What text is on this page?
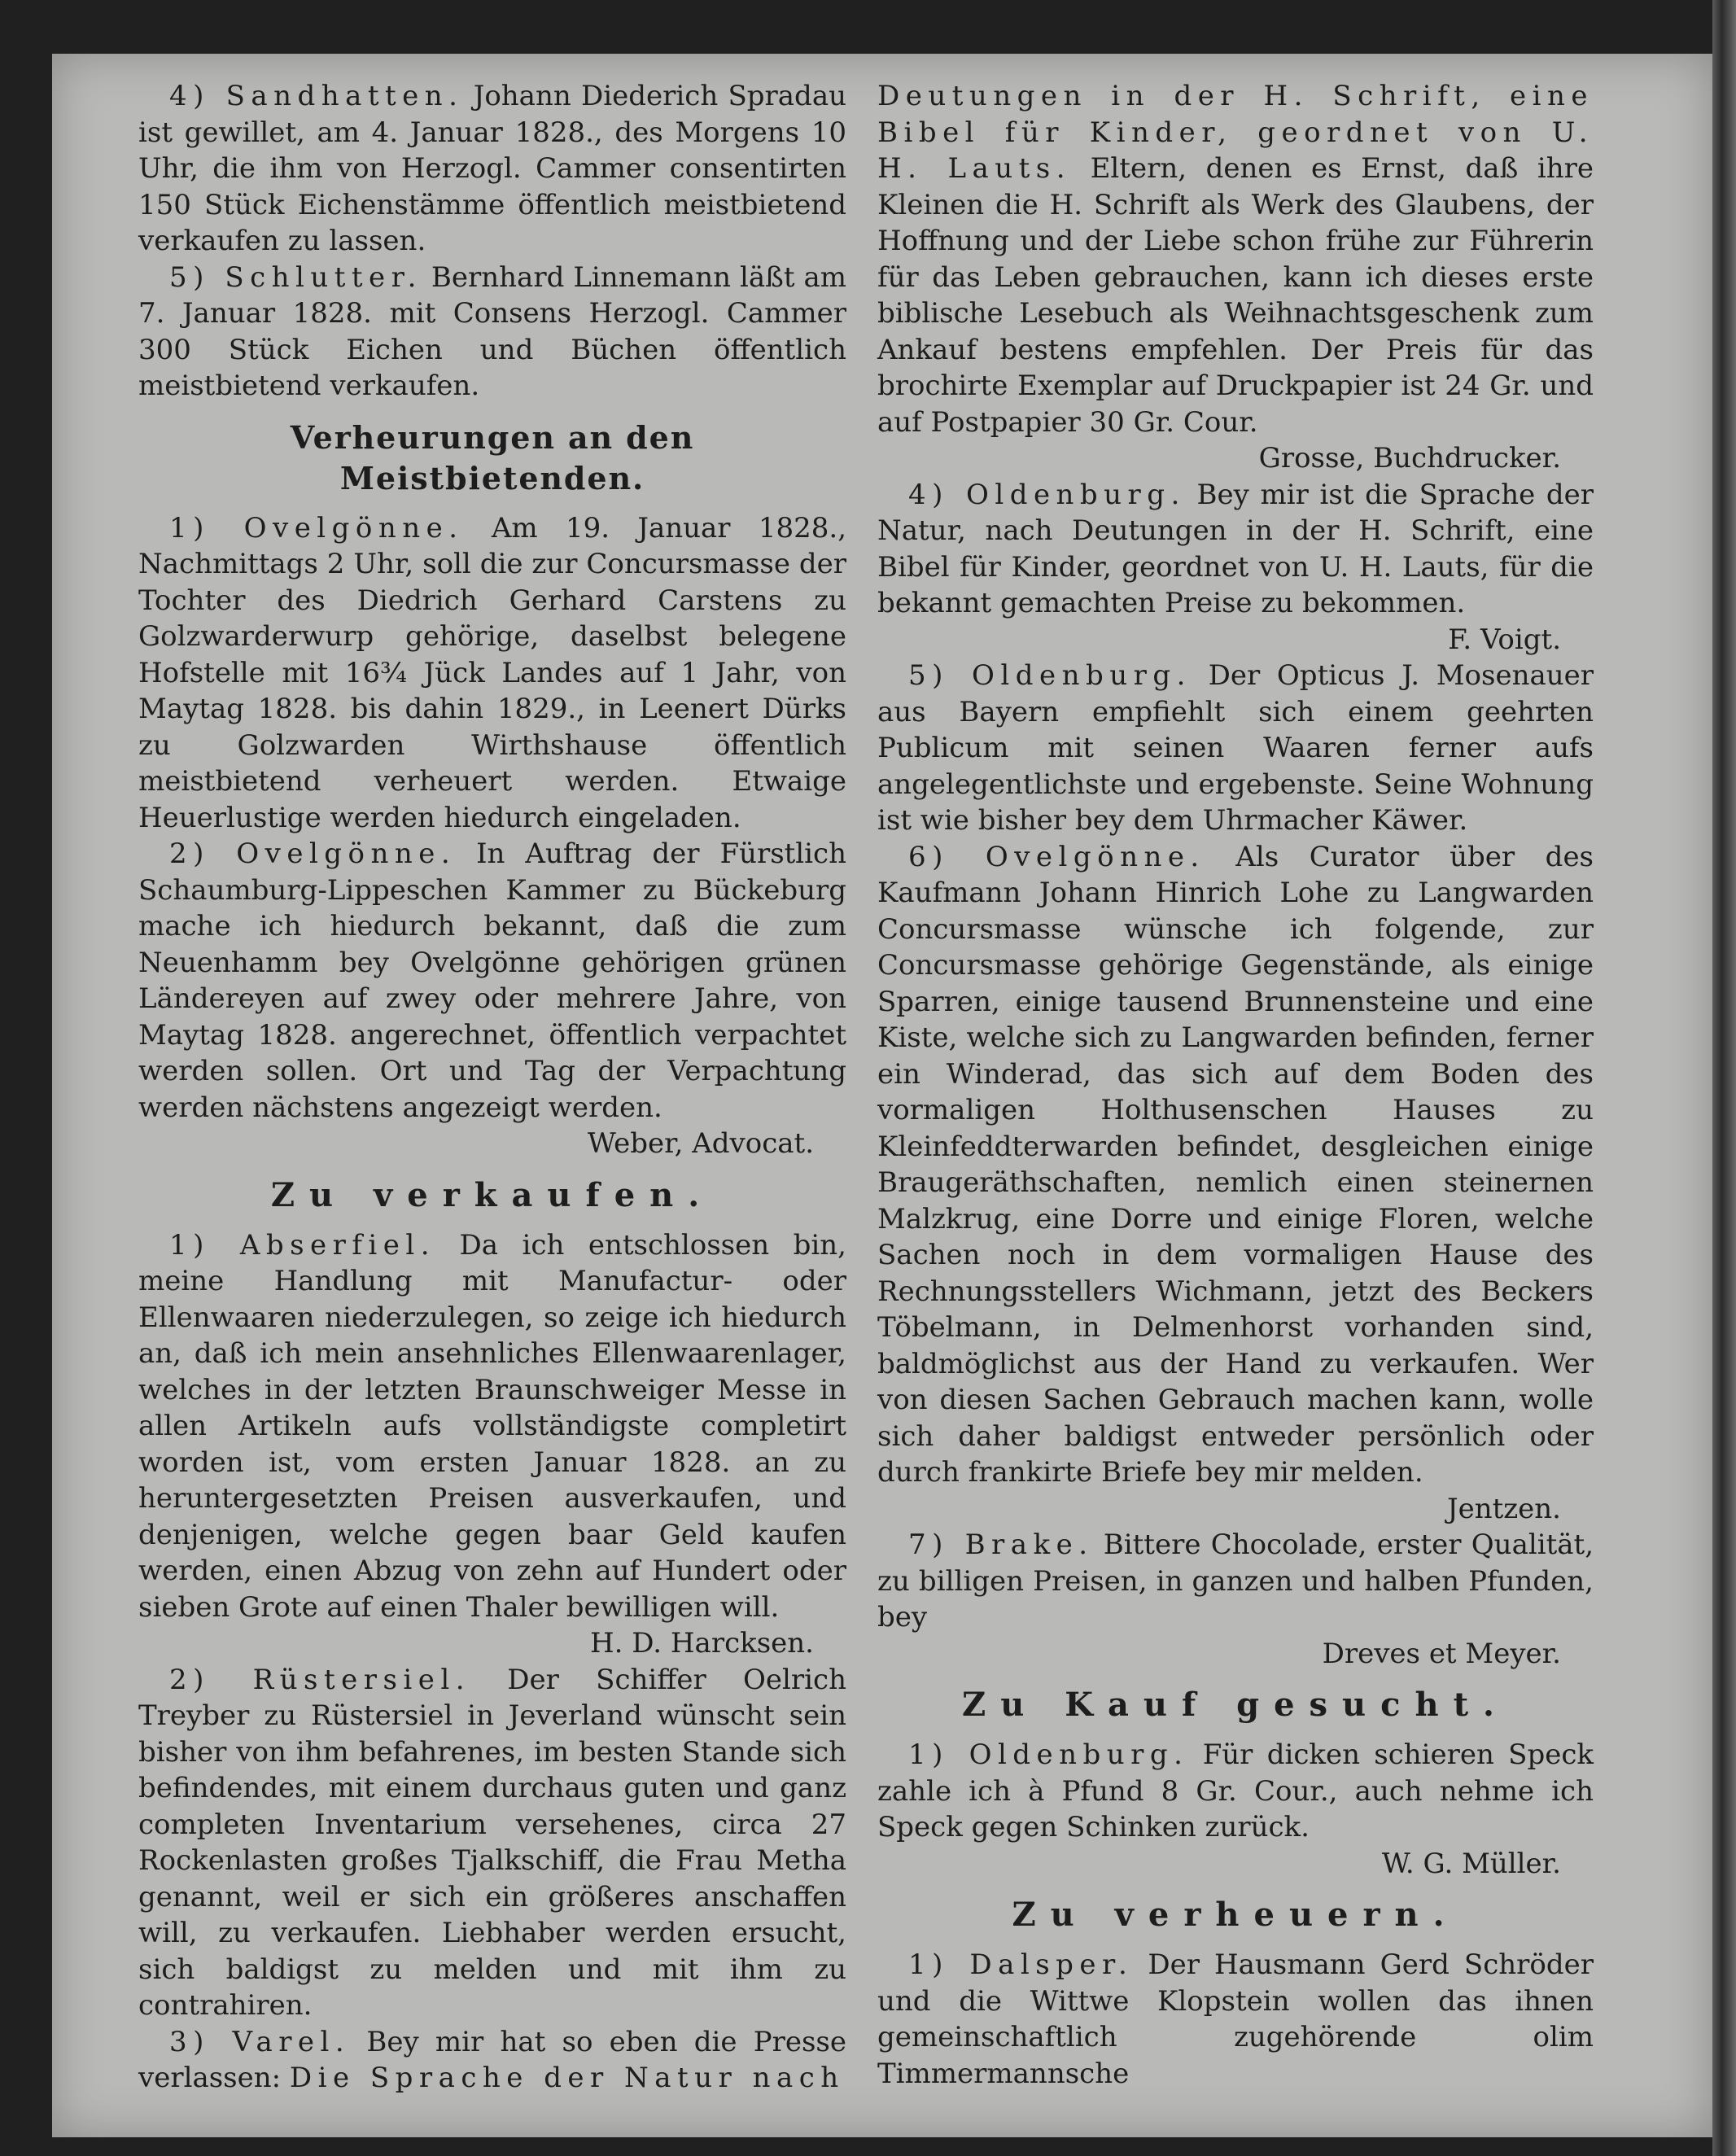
4) Sandhatten. Johann Diederich Spradau ist gewillet, am 4. Januar 1828., des Morgens 10 Uhr, die ihm von Herzogl. Cammer consentirten 150 Stück Eichenstämme öffentlich meistbietend verkaufen zu lassen.

5) Schlutter. Bernhard Linnemann läßt am 7. Januar 1828. mit Consens Herzogl. Cammer 300 Stück Eichen und Büchen öffentlich meistbietend verkaufen.

Verheurungen an den Meistbietenden.

1) Ovelgönne. Am 19. Januar 1828., Nachmittags 2 Uhr, soll die zur Concursmasse der Tochter des Diedrich Gerhard Carstens zu Golzwarderwurp gehörige, daselbst belegene Hofstelle mit 16¾ Jück Landes auf 1 Jahr, von Maytag 1828. bis dahin 1829., in Leenert Dürks zu Golzwarden Wirthshause öffentlich meistbietend verheuert werden. Etwaige Heuerlustige werden hiedurch eingeladen.

2) Ovelgönne. In Auftrag der Fürstlich Schaumburg-Lippeschen Kammer zu Bückeburg mache ich hiedurch bekannt, daß die zum Neuenhamm bey Ovelgönne gehörigen grünen Ländereyen auf zwey oder mehrere Jahre, von Maytag 1828. angerechnet, öffentlich verpachtet werden sollen. Ort und Tag der Verpachtung werden nächstens angezeigt werden.

Weber, Advocat.

Zu verkaufen.

1) Abserfiel. Da ich entschlossen bin, meine Handlung mit Manufactur- oder Ellenwaaren niederzulegen, so zeige ich hiedurch an, daß ich mein ansehnliches Ellenwaarenlager, welches in der letzten Braunschweiger Messe in allen Artikeln aufs vollständigste completirt worden ist, vom ersten Januar 1828. an zu heruntergesetzten Preisen ausverkaufen, und denjenigen, welche gegen baar Geld kaufen werden, einen Abzug von zehn auf Hundert oder sieben Grote auf einen Thaler bewilligen will.

H. D. Harcksen.

2) Rüstersiel. Der Schiffer Oelrich Treyber zu Rüstersiel in Jeverland wünscht sein bisher von ihm befahrenes, im besten Stande sich befindendes, mit einem durchaus guten und ganz completen Inventarium versehenes, circa 27 Rockenlasten großes Tjalkschiff, die Frau Metha genannt, weil er sich ein größeres anschaffen will, zu verkaufen. Liebhaber werden ersucht, sich baldigst zu melden und mit ihm zu contrahiren.

3) Varel. Bey mir hat so eben die Presse verlassen: Die Sprache der Natur nach

Deutungen in der H. Schrift, eine Bibel für Kinder, geordnet von U. H. Lauts. Eltern, denen es Ernst, daß ihre Kleinen die H. Schrift als Werk des Glaubens, der Hoffnung und der Liebe schon frühe zur Führerin für das Leben gebrauchen, kann ich dieses erste biblische Lesebuch als Weihnachtsgeschenk zum Ankauf bestens empfehlen. Der Preis für das brochirte Exemplar auf Druckpapier ist 24 Gr. und auf Postpapier 30 Gr. Cour.

Grosse, Buchdrucker.

4) Oldenburg. Bey mir ist die Sprache der Natur, nach Deutungen in der H. Schrift, eine Bibel für Kinder, geordnet von U. H. Lauts, für die bekannt gemachten Preise zu bekommen.

F. Voigt.

5) Oldenburg. Der Opticus J. Mosenauer aus Bayern empfiehlt sich einem geehrten Publicum mit seinen Waaren ferner aufs angelegentlichste und ergebenste. Seine Wohnung ist wie bisher bey dem Uhrmacher Käwer.

6) Ovelgönne. Als Curator über des Kaufmann Johann Hinrich Lohe zu Langwarden Concursmasse wünsche ich folgende, zur Concursmasse gehörige Gegenstände, als einige Sparren, einige tausend Brunnensteine und eine Kiste, welche sich zu Langwarden befinden, ferner ein Winderad, das sich auf dem Boden des vormaligen Holthusenschen Hauses zu Kleinfeddterwarden befindet, desgleichen einige Braugeräthschaften, nemlich einen steinernen Malzkrug, eine Dorre und einige Floren, welche Sachen noch in dem vormaligen Hause des Rechnungsstellers Wichmann, jetzt des Beckers Töbelmann, in Delmenhorst vorhanden sind, baldmöglichst aus der Hand zu verkaufen. Wer von diesen Sachen Gebrauch machen kann, wolle sich daher baldigst entweder persönlich oder durch frankirte Briefe bey mir melden.

Jentzen.

7) Brake. Bittere Chocolade, erster Qualität, zu billigen Preisen, in ganzen und halben Pfunden, bey

Dreves et Meyer.

Zu Kauf gesucht.

1) Oldenburg. Für dicken schieren Speck zahle ich à Pfund 8 Gr. Cour., auch nehme ich Speck gegen Schinken zurück.

W. G. Müller.

Zu verheuern.

1) Dalsper. Der Hausmann Gerd Schröder und die Wittwe Klopstein wollen das ihnen gemeinschaftlich zugehörende olim Timmermannsche
